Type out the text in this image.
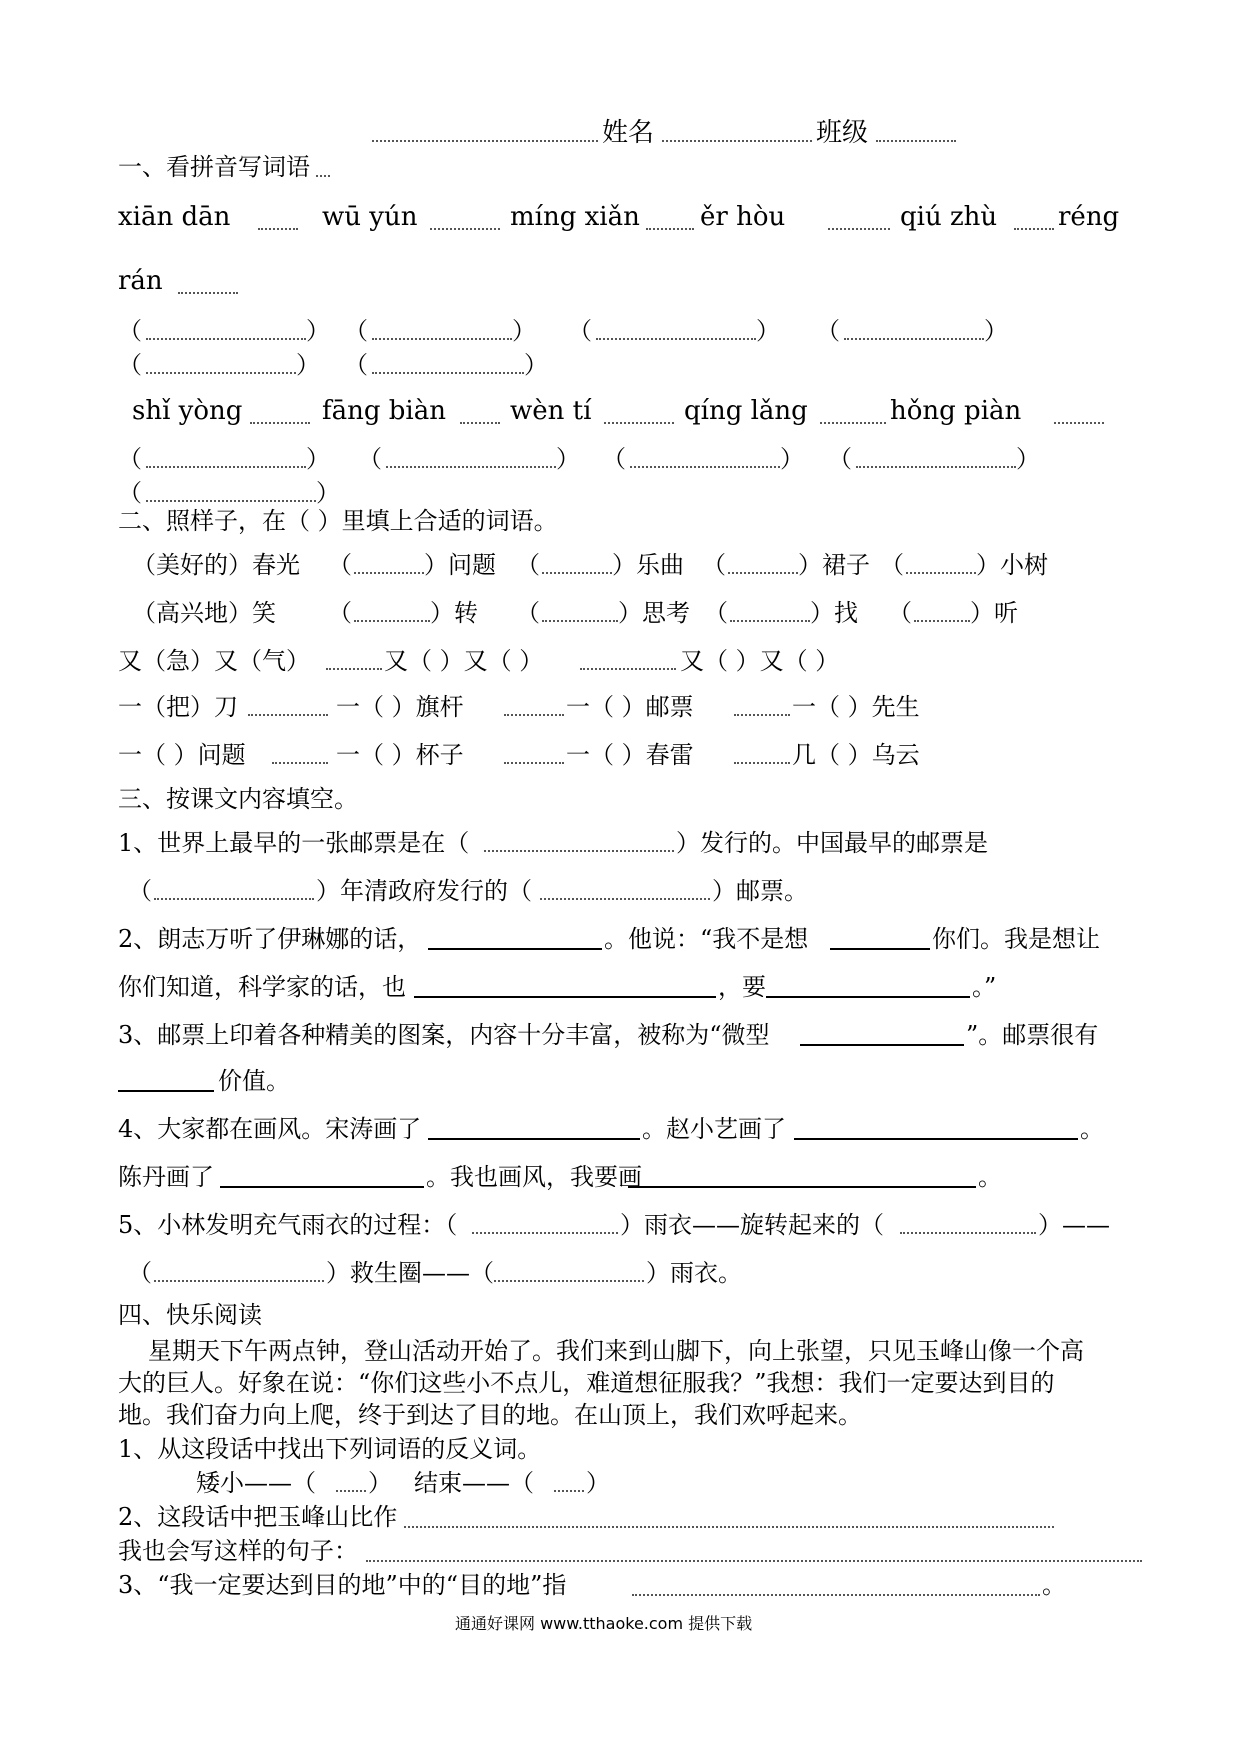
姓名	班级
一、看拼音写词语
xiān dān	wū yún	míng xiǎn ěr hòu	qiú zhù réng
rán
（	） （	） （	） （	）
（	） （	）
shǐ yòng	fāng biàn wèn tí	qíng lǎng	hǒng piàn
（	） （	） （	） （	）
（	）
二、照样子，在（ ）里填上合适的词语。
（美好的）春光 （	）问题 （	）乐曲 （	）裙子 （	）小树
（高兴地）笑 （	）转 （	）思考 （	）找 （ ）听
又（急）又（气）	又（ ）又（ ）	又（ ）又（ ）
一（把）刀	一（ ）旗杆	一（ ）邮票	一（ ）先生
一（ ）问题	一（ ）杯子	一（ ）春雷	几（ ）乌云
三、按课文内容填空。
1、世界上最早的一张邮票是在（	）发行的。中国最早的邮票是
（	）年清政府发行的（	）邮票。
2、朗志万听了伊琳娜的话，	。他说：“我不是想	你们。我是想让
你们知道，科学家的话，也	，要	。”
3、邮票上印着各种精美的图案，内容十分丰富，被称为“微型	”。邮票很有
价值。
4、大家都在画风。宋涛画了	。赵小艺画了	。
陈丹画了	。我也画风，我要画	。
5、小林发明充气雨衣的过程：（	）雨衣——旋转起来的（	）——
（	）救生圈——（	）雨衣。
四、快乐阅读
星期天下午两点钟，登山活动开始了。我们来到山脚下，向上张望，只见玉峰山像一个高
大的巨人。好象在说：“你们这些小不点儿，难道想征服我？”我想：我们一定要达到目的
地。我们奋力向上爬，终于到达了目的地。在山顶上，我们欢呼起来。
1、从这段话中找出下列词语的反义词。
矮小——（ ） 结束——（ ）
2、这段话中把玉峰山比作
我也会写这样的句子：
3、“我一定要达到目的地”中的“目的地”指	。
通通好课网 www.tthaoke.com 提供下载
